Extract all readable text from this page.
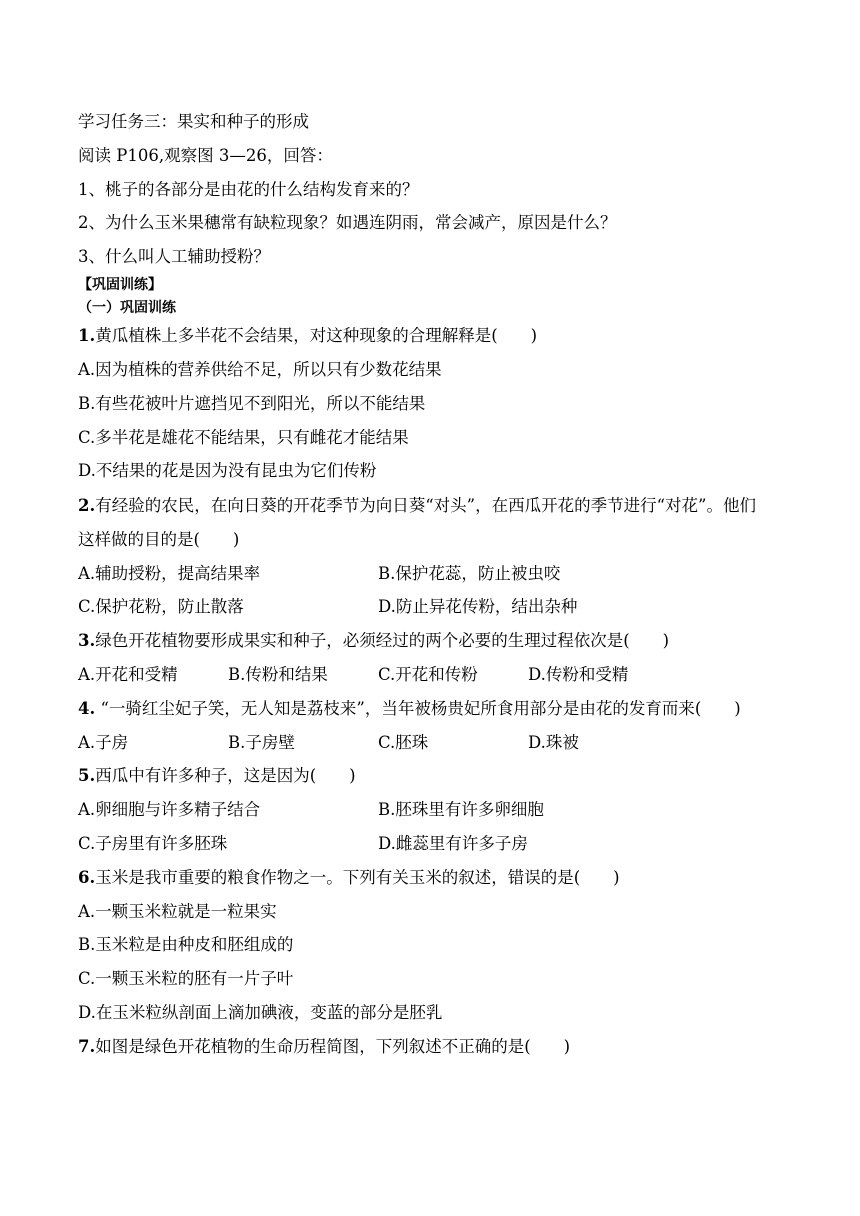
学习任务三：果实和种子的形成
阅读 P106,观察图 3—26，回答：
1、桃子的各部分是由花的什么结构发育来的？
2、为什么玉米果穗常有缺粒现象？如遇连阴雨，常会减产，原因是什么？
3、什么叫人工辅助授粉？
【巩固训练】
（一）巩固训练
1.黄瓜植株上多半花不会结果，对这种现象的合理解释是(　　)
A.因为植株的营养供给不足，所以只有少数花结果
B.有些花被叶片遮挡见不到阳光，所以不能结果
C.多半花是雄花不能结果，只有雌花才能结果
D.不结果的花是因为没有昆虫为它们传粉
2.有经验的农民，在向日葵的开花季节为向日葵“对头”，在西瓜开花的季节进行“对花”。他们
这样做的目的是(　　)
A.辅助授粉，提高结果率	B.保护花蕊，防止被虫咬
C.保护花粉，防止散落	D.防止异花传粉，结出杂种
3.绿色开花植物要形成果实和种子，必须经过的两个必要的生理过程依次是(　　)
A.开花和受精	B.传粉和结果	C.开花和传粉	D.传粉和受精
4. “一骑红尘妃子笑，无人知是荔枝来”，当年被杨贵妃所食用部分是由花的发育而来(　　)
A.子房	B.子房壁	C.胚珠	D.珠被
5.西瓜中有许多种子，这是因为(　　)
A.卵细胞与许多精子结合	B.胚珠里有许多卵细胞
C.子房里有许多胚珠	D.雌蕊里有许多子房
6.玉米是我市重要的粮食作物之一。下列有关玉米的叙述，错误的是(　　)
A.一颗玉米粒就是一粒果实
B.玉米粒是由种皮和胚组成的
C.一颗玉米粒的胚有一片子叶
D.在玉米粒纵剖面上滴加碘液，变蓝的部分是胚乳
7.如图是绿色开花植物的生命历程简图，下列叙述不正确的是(　　)
